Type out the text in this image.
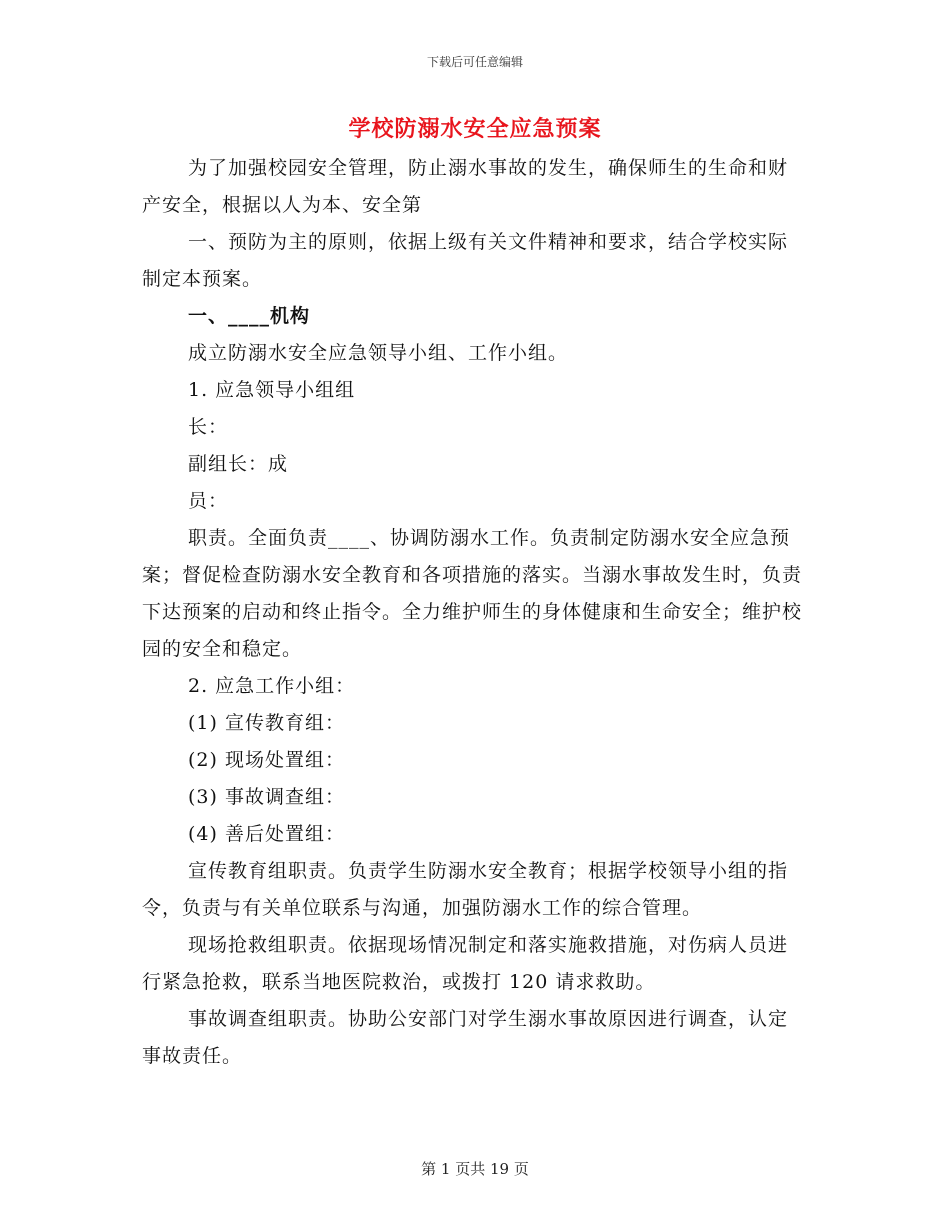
下载后可任意编辑
学校防溺水安全应急预案

为了加强校园安全管理，防止溺水事故的发生，确保师生的生命和财产安全，根据以人为本、安全第

一、预防为主的原则，依据上级有关文件精神和要求，结合学校实际制定本预案。

一、____机构

成立防溺水安全应急领导小组、工作小组。

1. 应急领导小组组

长：

副组长：成

员：

职责。全面负责____、协调防溺水工作。负责制定防溺水安全应急预案；督促检查防溺水安全教育和各项措施的落实。当溺水事故发生时，负责下达预案的启动和终止指令。全力维护师生的身体健康和生命安全；维护校园的安全和稳定。

2. 应急工作小组：

(1) 宣传教育组：

(2) 现场处置组：

(3) 事故调查组：

(4) 善后处置组：

宣传教育组职责。负责学生防溺水安全教育；根据学校领导小组的指令，负责与有关单位联系与沟通，加强防溺水工作的综合管理。

现场抢救组职责。依据现场情况制定和落实施救措施，对伤病人员进行紧急抢救，联系当地医院救治，或拨打 120 请求救助。

事故调查组职责。协助公安部门对学生溺水事故原因进行调查，认定事故责任。

第 1 页共 19 页
